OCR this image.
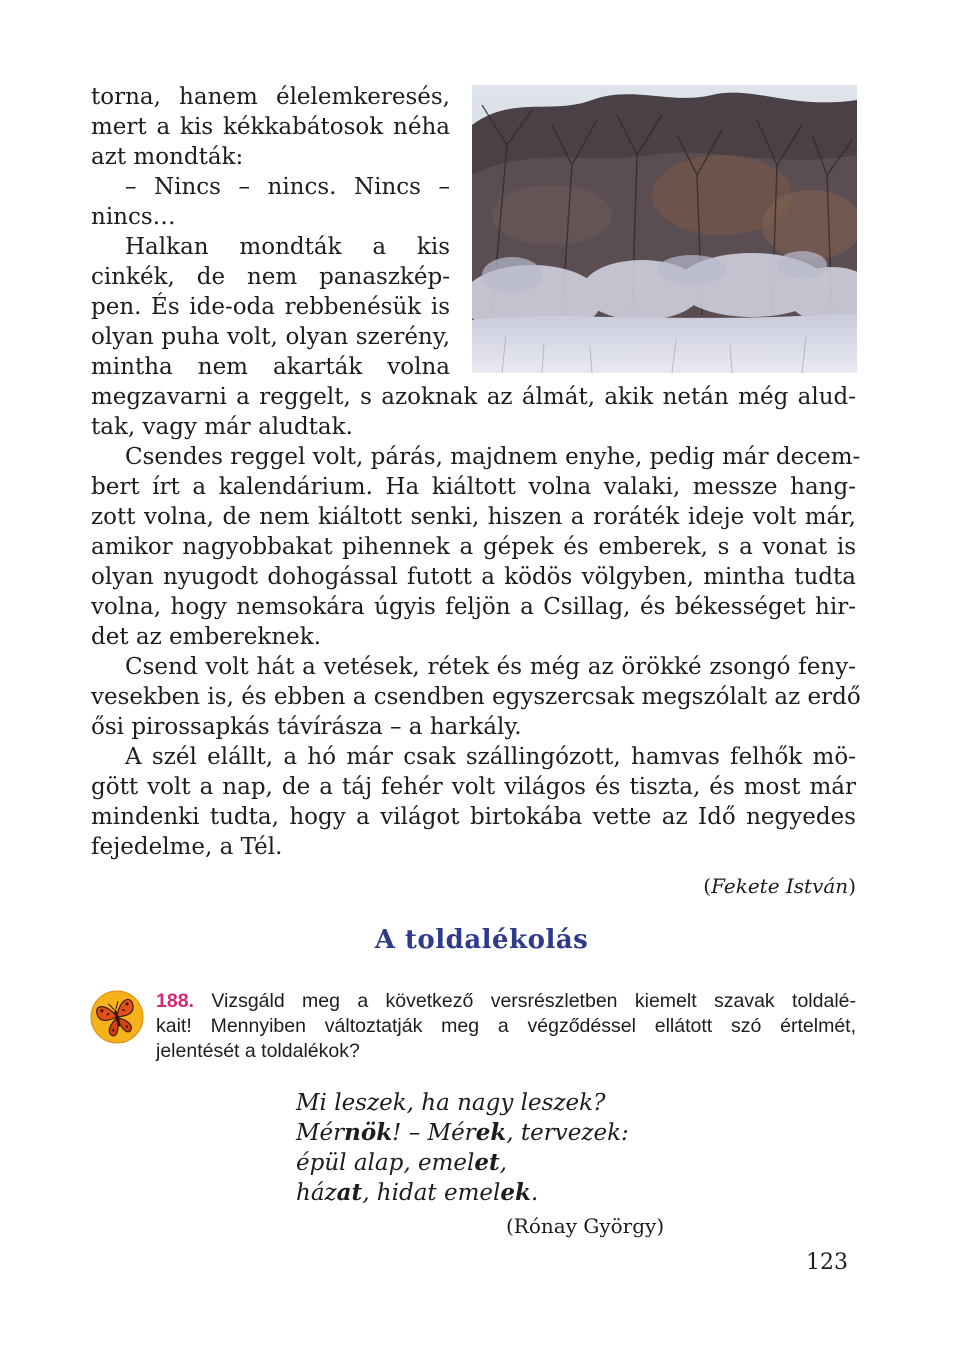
torna, hanem élelemkeresés,
mert a kis kékkabátosok néha
azt mondták:
– Nincs – nincs. Nincs –
nincs…
Halkan mondták a kis
cinkék, de nem panaszkép-
pen. És ide-oda rebbenésük is
olyan puha volt, olyan szerény,
mintha nem akarták volna
megzavarni a reggelt, s azoknak az álmát, akik netán még alud-
tak, vagy már aludtak.
Csendes reggel volt, párás, majdnem enyhe, pedig már decem-
bert írt a kalendárium. Ha kiáltott volna valaki, messze hang-
zott volna, de nem kiáltott senki, hiszen a roráték ideje volt már,
amikor nagyobbakat pihennek a gépek és emberek, s a vonat is
olyan nyugodt dohogással futott a ködös völgyben, mintha tudta
volna, hogy nemsokára úgyis feljön a Csillag, és békességet hir-
det az embereknek.
Csend volt hát a vetések, rétek és még az örökké zsongó feny-
vesekben is, és ebben a csendben egyszercsak megszólalt az erdő
ősi pirossapkás távírásza – a harkály.
A szél elállt, a hó már csak szállingózott, hamvas felhők mö-
gött volt a nap, de a táj fehér volt világos és tiszta, és most már
mindenki tudta, hogy a világot birtokába vette az Idő negyedes
fejedelme, a Tél.
(Fekete István)
A toldalékolás
188. Vizsgáld meg a következő versrészletben kiemelt szavak toldalé-
kait! Mennyiben változtatják meg a végződéssel ellátott szó értelmét,
jelentését a toldalékok?
Mi leszek, ha nagy leszek?
Mérnök! – Mérek, tervezek:
épül alap, emelet,
házat, hidat emelek.
(Rónay György)
123
